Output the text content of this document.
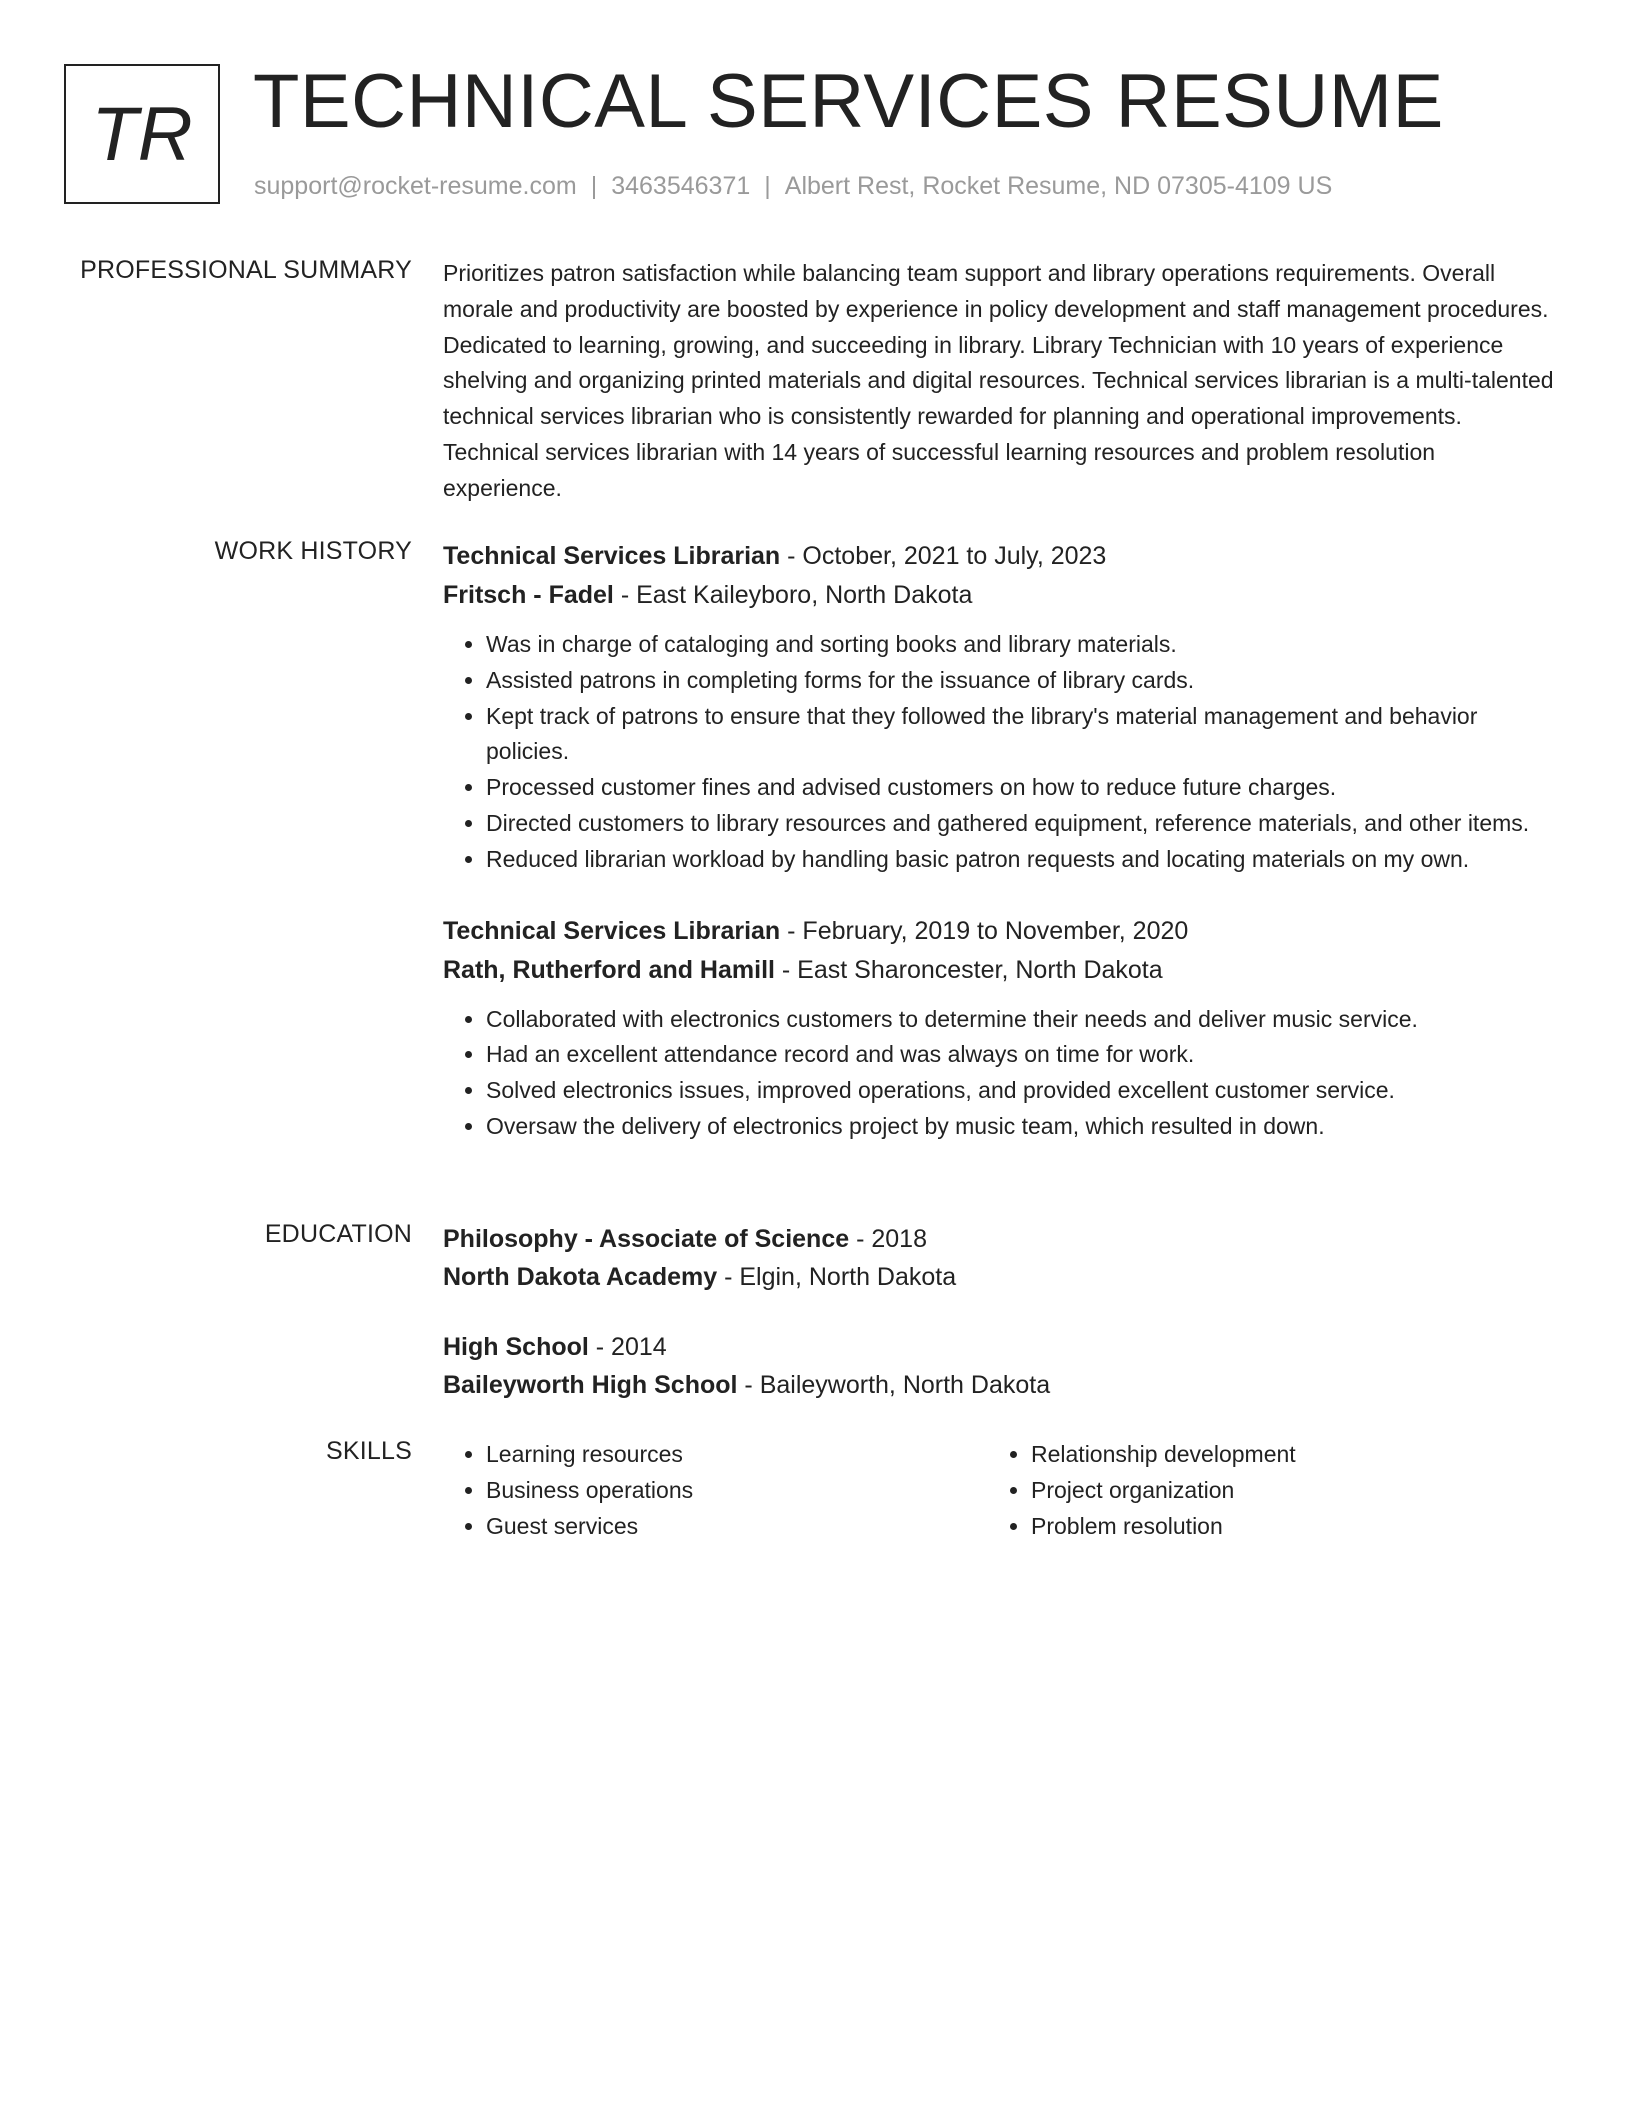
TR TECHNICAL SERVICES RESUME
support@rocket-resume.com | 3463546371 | Albert Rest, Rocket Resume, ND 07305-4109 US
PROFESSIONAL SUMMARY Prioritizes patron satisfaction while balancing team support and library operations requirements. Overall morale and productivity are boosted by experience in policy development and staff management procedures. Dedicated to learning, growing, and succeeding in library. Library Technician with 10 years of experience shelving and organizing printed materials and digital resources. Technical services librarian is a multi-talented technical services librarian who is consistently rewarded for planning and operational improvements. Technical services librarian with 14 years of successful learning resources and problem resolution experience.

WORK HISTORY Technical Services Librarian - October, 2021 to July, 2023

Fritsch - Fadel - East Kaileyboro, North Dakota

• Was in charge of cataloging and sorting books and library materials.
• Assisted patrons in completing forms for the issuance of library cards.
• Kept track of patrons to ensure that they followed the library's material management and behavior policies.
• Processed customer fines and advised customers on how to reduce future charges.
• Directed customers to library resources and gathered equipment, reference materials, and other items.
• Reduced librarian workload by handling basic patron requests and locating materials on my own.

Technical Services Librarian - February, 2019 to November, 2020

Rath, Rutherford and Hamill - East Sharoncester, North Dakota

• Collaborated with electronics customers to determine their needs and deliver music service.
• Had an excellent attendance record and was always on time for work.
• Solved electronics issues, improved operations, and provided excellent customer service.
• Oversaw the delivery of electronics project by music team, which resulted in down.
EDUCATION Philosophy - Associate of Science - 2018

North Dakota Academy - Elgin, North Dakota

High School - 2014

Baileyworth High School - Baileyworth, North Dakota

SKILLS
•	Learning resources
• Business operations
• Guest services
• Relationship development
• Project organization
• Problem resolution
